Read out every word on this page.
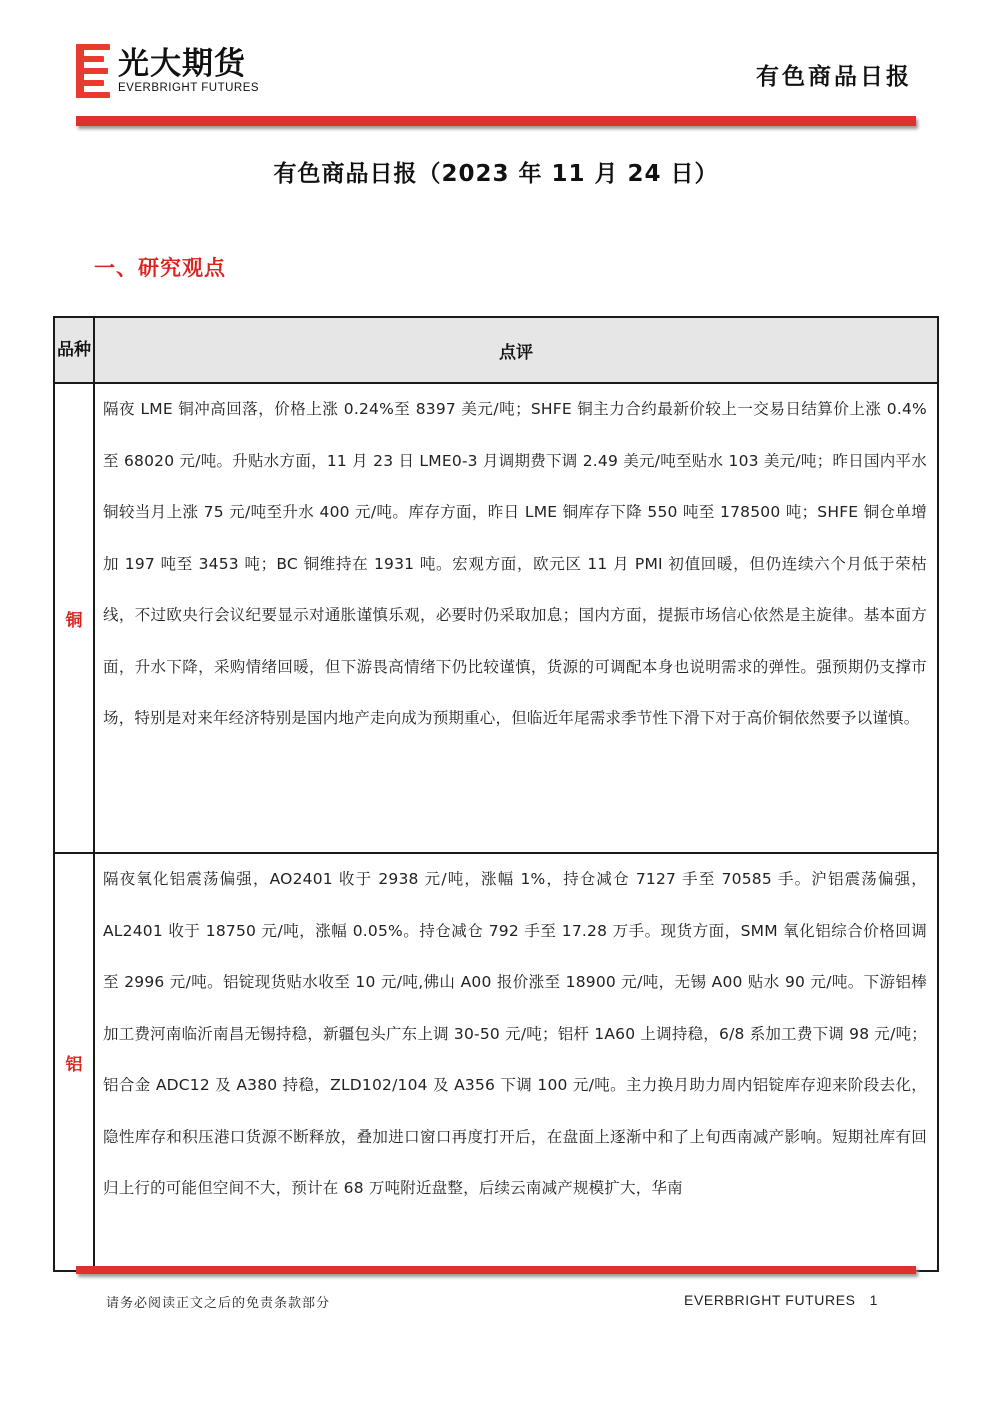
光大期货
EVERBRIGHT FUTURES	有色商品日报
有色商品日报（2023 年 11 月 24 日）
一、研究观点
品种	点评
铜	隔夜 LME 铜冲高回落，价格上涨 0.24%至 8397 美元/吨；SHFE 铜主力合约最新价较上一交易日结算价上涨 0.4%至 68020 元/吨。升贴水方面，11 月 23 日 LME0-3 月调期费下调 2.49 美元/吨至贴水 103 美元/吨；昨日国内平水铜较当月上涨 75 元/吨至升水 400 元/吨。库存方面，昨日 LME 铜库存下降 550 吨至 178500 吨；SHFE 铜仓单增加 197 吨至 3453 吨；BC 铜维持在 1931 吨。宏观方面，欧元区 11 月 PMI 初值回暖，但仍连续六个月低于荣枯线，不过欧央行会议纪要显示对通胀谨慎乐观，必要时仍采取加息；国内方面，提振市场信心依然是主旋律。基本面方面，升水下降，采购情绪回暖，但下游畏高情绪下仍比较谨慎，货源的可调配本身也说明需求的弹性。强预期仍支撑市场，特别是对来年经济特别是国内地产走向成为预期重心，但临近年尾需求季节性下滑下对于高价铜依然要予以谨慎。
铝	隔夜氧化铝震荡偏强，AO2401 收于 2938 元/吨，涨幅 1%，持仓减仓 7127 手至 70585 手。沪铝震荡偏强，AL2401 收于 18750 元/吨，涨幅 0.05%。持仓减仓 792 手至 17.28 万手。现货方面，SMM 氧化铝综合价格回调至 2996 元/吨。铝锭现货贴水收至 10 元/吨,佛山 A00 报价涨至 18900 元/吨，无锡 A00 贴水 90 元/吨。下游铝棒加工费河南临沂南昌无锡持稳，新疆包头广东上调 30-50 元/吨；铝杆 1A60 上调持稳，6/8 系加工费下调 98 元/吨；铝合金 ADC12 及 A380 持稳，ZLD102/104 及 A356 下调 100 元/吨。主力换月助力周内铝锭库存迎来阶段去化，隐性库存和积压港口货源不断释放，叠加进口窗口再度打开后，在盘面上逐渐中和了上旬西南减产影响。短期社库有回归上行的可能但空间不大，预计在 68 万吨附近盘整，后续云南减产规模扩大，华南
请务必阅读正文之后的免责条款部分	EVERBRIGHT FUTURES 1
